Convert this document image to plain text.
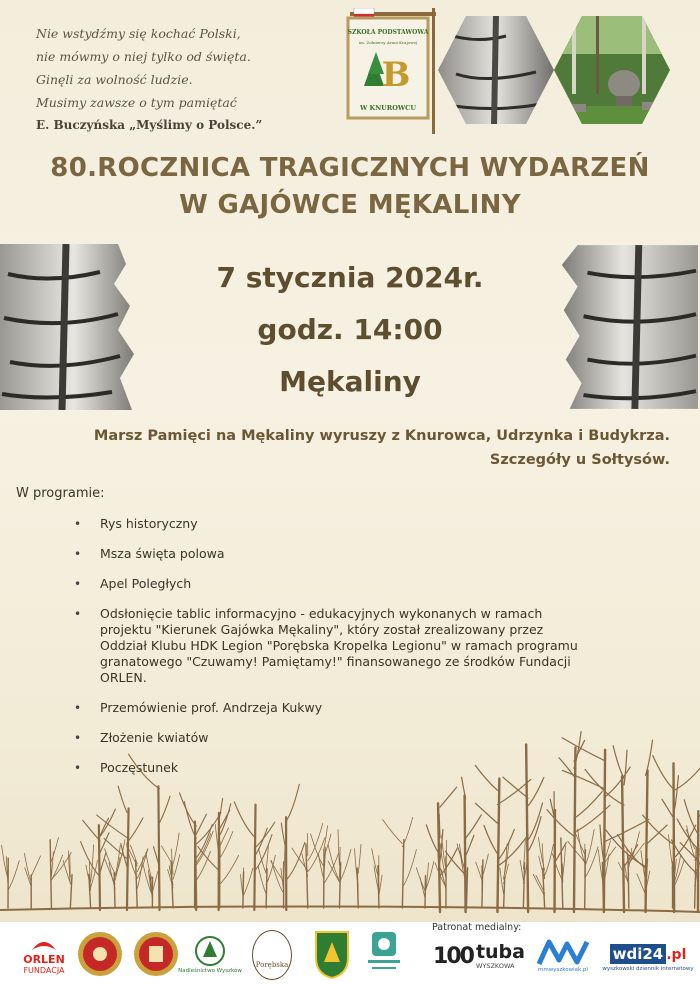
Nie wstydźmy się kochać Polski,
nie mówmy o niej tylko od święta.
Ginęli za wolność ludzie.
Musimy zawsze o tym pamiętać
E. Buczyńska „Myślimy o Polsce.”
SZKOŁA PODSTAWOWA
im. Żołnierzy Armii Krajowej
B
W KNUROWCU
80.ROCZNICA TRAGICZNYCH WYDARZEŃ
W GAJÓWCE MĘKALINY
7 stycznia 2024r.
godz. 14:00
Mękaliny
Marsz Pamięci na Mękaliny wyruszy z Knurowca, Udrzynka i Budykrza.
Szczegóły u Sołtysów.
W programie:
• Rys historyczny
• Msza święta polowa
• Apel Poległych
• Odsłonięcie tablic informacyjno - edukacyjnych wykonanych w ramach projektu "Kierunek Gajówka Mękaliny", który został zrealizowany przez Oddział Klubu HDK Legion "Porębska Kropelka Legionu" w ramach programu granatowego "Czuwamy! Pamiętamy!" finansowanego ze środków Fundacji ORLEN.
• Przemówienie prof. Andrzeja Kukwy
• Złożenie kwiatów
• Poczęstunek
ORLEN
FUNDACJA	Nadleśnictwo Wyszków
Porębska	100 tuba
WYSZKOWA	mmwyszkowiak.pl
wdi24 .pl
wyszkowski dziennik internetowy
Patronat medialny:
